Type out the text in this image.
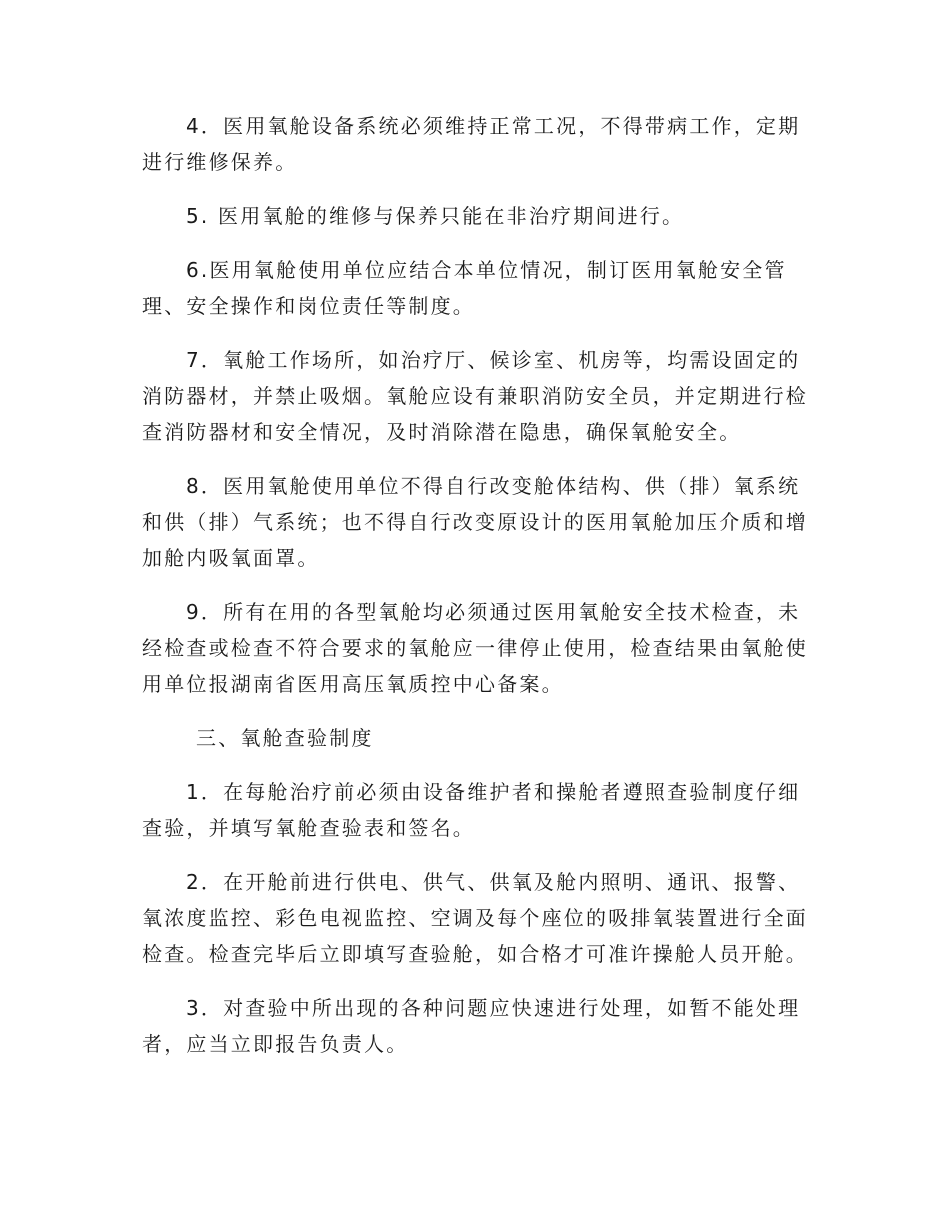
4．医用氧舱设备系统必须维持正常工况，不得带病工作，定期进行维修保养。

5. 医用氧舱的维修与保养只能在非治疗期间进行。

6.医用氧舱使用单位应结合本单位情况，制订医用氧舱安全管理、安全操作和岗位责任等制度。

7．氧舱工作场所，如治疗厅、候诊室、机房等，均需设固定的消防器材，并禁止吸烟。氧舱应设有兼职消防安全员，并定期进行检查消防器材和安全情况，及时消除潜在隐患，确保氧舱安全。

8．医用氧舱使用单位不得自行改变舱体结构、供（排）氧系统和供（排）气系统；也不得自行改变原设计的医用氧舱加压介质和增加舱内吸氧面罩。

9．所有在用的各型氧舱均必须通过医用氧舱安全技术检查，未经检查或检查不符合要求的氧舱应一律停止使用，检查结果由氧舱使用单位报湖南省医用高压氧质控中心备案。

三、氧舱查验制度

1．在每舱治疗前必须由设备维护者和操舱者遵照查验制度仔细查验，并填写氧舱查验表和签名。

2．在开舱前进行供电、供气、供氧及舱内照明、通讯、报警、氧浓度监控、彩色电视监控、空调及每个座位的吸排氧装置进行全面检查。检查完毕后立即填写查验舱，如合格才可准许操舱人员开舱。

3．对查验中所出现的各种问题应快速进行处理，如暂不能处理者，应当立即报告负责人。
